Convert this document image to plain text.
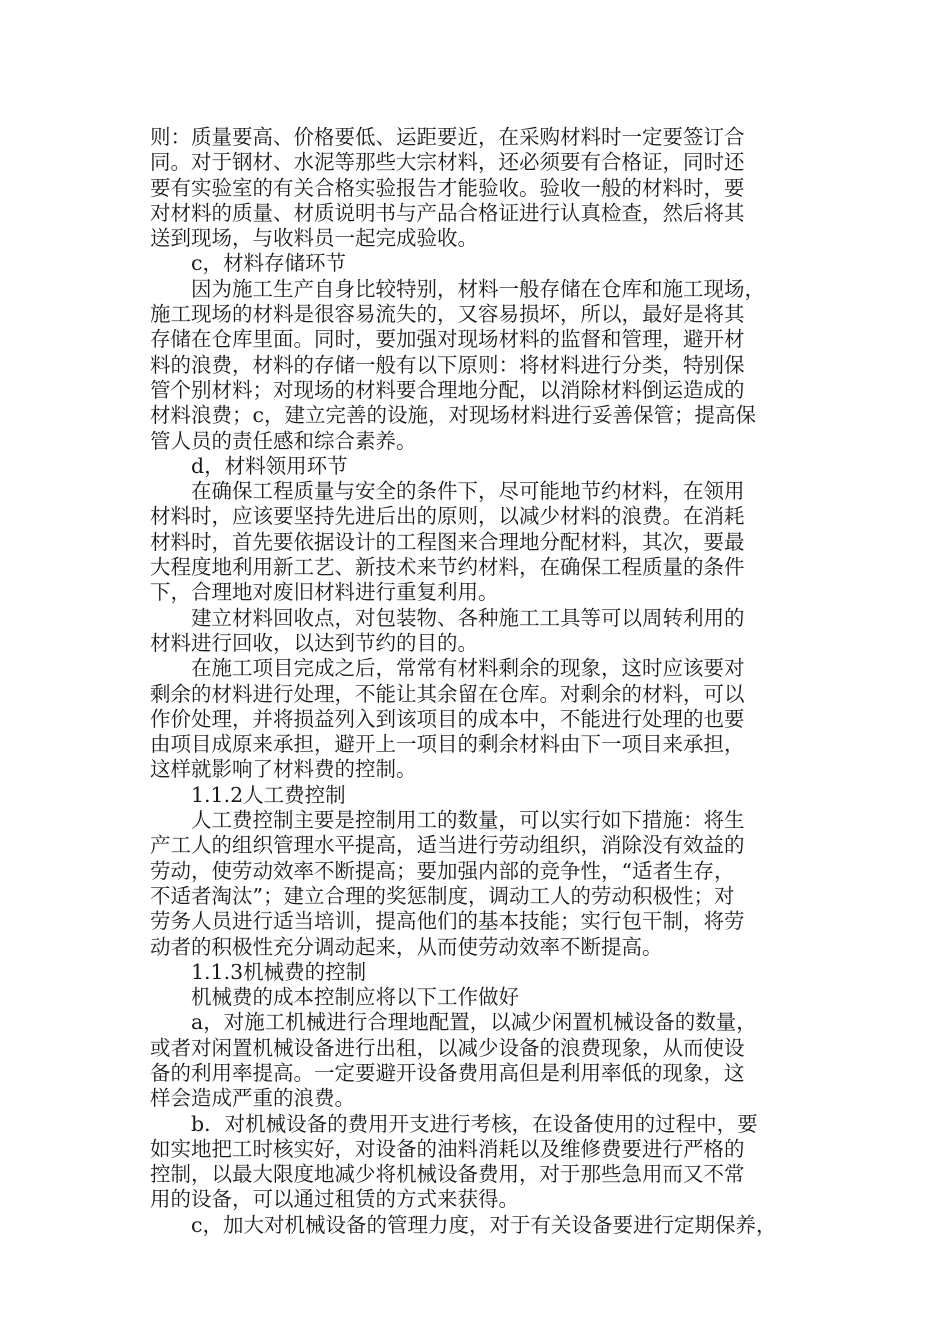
则：质量要高、价格要低、运距要近，在采购材料时一定要签订合
同。对于钢材、水泥等那些大宗材料，还必须要有合格证，同时还
要有实验室的有关合格实验报告才能验收。验收一般的材料时，要
对材料的质量、材质说明书与产品合格证进行认真检查，然后将其
送到现场，与收料员一起完成验收。
c，材料存储环节
因为施工生产自身比较特别，材料一般存储在仓库和施工现场，
施工现场的材料是很容易流失的，又容易损坏，所以，最好是将其
存储在仓库里面。同时，要加强对现场材料的监督和管理，避开材
料的浪费，材料的存储一般有以下原则：将材料进行分类，特别保
管个别材料；对现场的材料要合理地分配，以消除材料倒运造成的
材料浪费；c，建立完善的设施，对现场材料进行妥善保管；提高保
管人员的责任感和综合素养。
d，材料领用环节
在确保工程质量与安全的条件下，尽可能地节约材料，在领用
材料时，应该要坚持先进后出的原则，以减少材料的浪费。在消耗
材料时，首先要依据设计的工程图来合理地分配材料，其次，要最
大程度地利用新工艺、新技术来节约材料，在确保工程质量的条件
下，合理地对废旧材料进行重复利用。
建立材料回收点，对包装物、各种施工工具等可以周转利用的
材料进行回收，以达到节约的目的。
在施工项目完成之后，常常有材料剩余的现象，这时应该要对
剩余的材料进行处理，不能让其余留在仓库。对剩余的材料，可以
作价处理，并将损益列入到该项目的成本中，不能进行处理的也要
由项目成原来承担，避开上一项目的剩余材料由下一项目来承担，
这样就影响了材料费的控制。
1.1.2人工费控制
人工费控制主要是控制用工的数量，可以实行如下措施：将生
产工人的组织管理水平提高，适当进行劳动组织，消除没有效益的
劳动，使劳动效率不断提高；要加强内部的竞争性，“适者生存，
不适者淘汰”；建立合理的奖惩制度，调动工人的劳动积极性；对
劳务人员进行适当培训，提高他们的基本技能；实行包干制，将劳
动者的积极性充分调动起来，从而使劳动效率不断提高。
1.1.3机械费的控制
机械费的成本控制应将以下工作做好
a，对施工机械进行合理地配置，以减少闲置机械设备的数量，
或者对闲置机械设备进行出租，以减少设备的浪费现象，从而使设
备的利用率提高。一定要避开设备费用高但是利用率低的现象，这
样会造成严重的浪费。
b．对机械设备的费用开支进行考核，在设备使用的过程中，要
如实地把工时核实好，对设备的油料消耗以及维修费要进行严格的
控制，以最大限度地减少将机械设备费用，对于那些急用而又不常
用的设备，可以通过租赁的方式来获得。
c，加大对机械设备的管理力度，对于有关设备要进行定期保养，
